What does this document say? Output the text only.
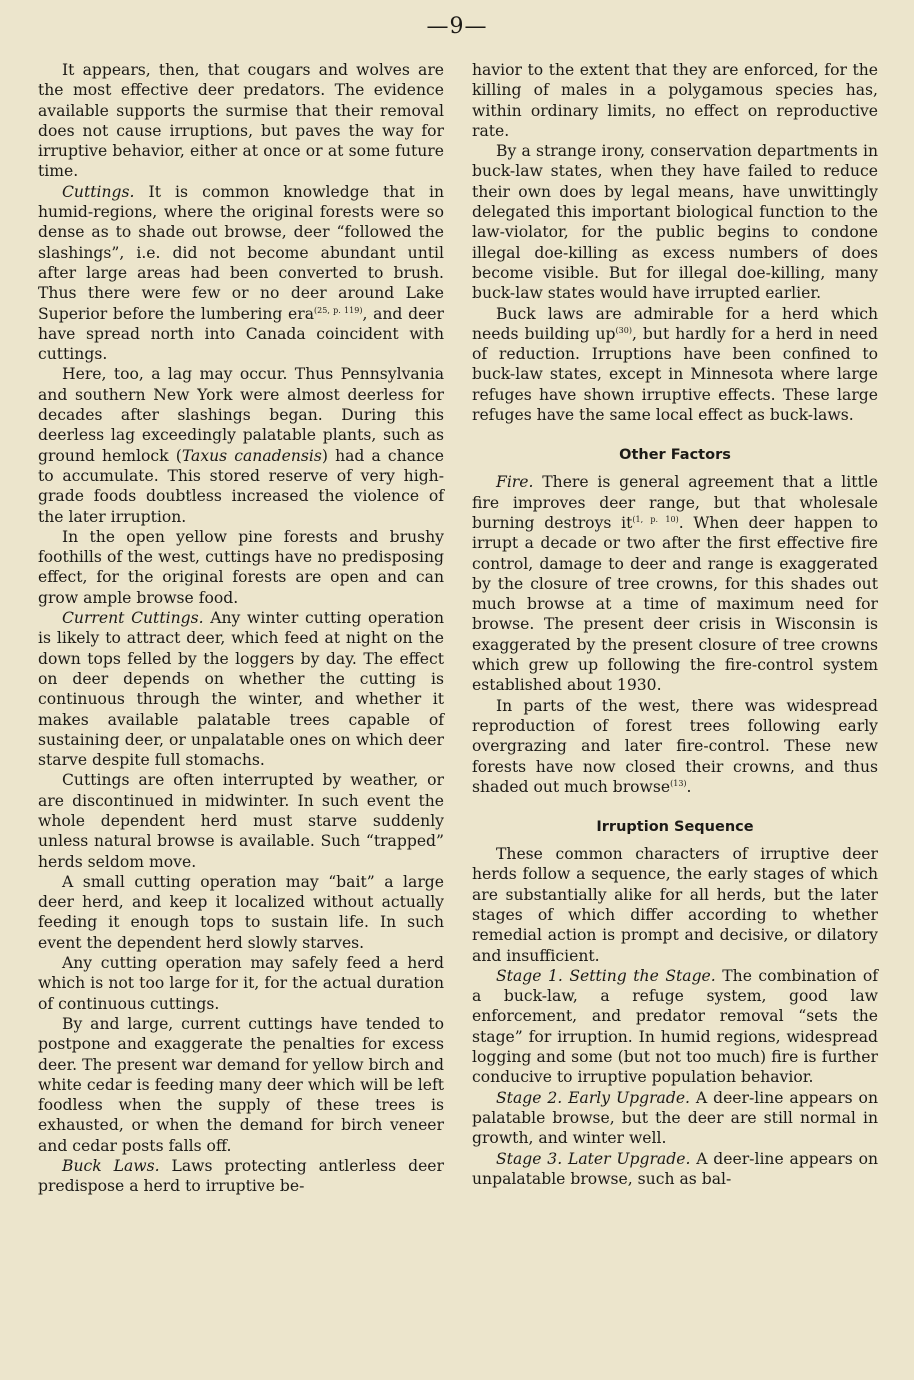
—9—

It appears, then, that cougars and wolves are the most effective deer predators. The evidence available supports the surmise that their removal does not cause irruptions, but paves the way for irruptive behavior, either at once or at some future time.

Cuttings. It is common knowledge that in humid-regions, where the original forests were so dense as to shade out browse, deer “followed the slashings”, i.e. did not become abundant until after large areas had been converted to brush. Thus there were few or no deer around Lake Superior before the lumbering era$^{(25, p. 119)}$, and deer have spread north into Canada coincident with cuttings.

Here, too, a lag may occur. Thus Pennsylvania and southern New York were almost deerless for decades after slashings began. During this deerless lag exceedingly palatable plants, such as ground hemlock (Taxus canadensis) had a chance to accumulate. This stored reserve of very high-grade foods doubtless increased the violence of the later irruption.

In the open yellow pine forests and brushy foothills of the west, cuttings have no predisposing effect, for the original forests are open and can grow ample browse food.

Current Cuttings. Any winter cutting operation is likely to attract deer, which feed at night on the down tops felled by the loggers by day. The effect on deer depends on whether the cutting is continuous through the winter, and whether it makes available palatable trees capable of sustaining deer, or unpalatable ones on which deer starve despite full stomachs.

Cuttings are often interrupted by weather, or are discontinued in midwinter. In such event the whole dependent herd must starve suddenly unless natural browse is available. Such “trapped” herds seldom move.

A small cutting operation may “bait” a large deer herd, and keep it localized without actually feeding it enough tops to sustain life. In such event the dependent herd slowly starves.

Any cutting operation may safely feed a herd which is not too large for it, for the actual duration of continuous cuttings.

By and large, current cuttings have tended to postpone and exaggerate the penalties for excess deer. The present war demand for yellow birch and white cedar is feeding many deer which will be left foodless when the supply of these trees is exhausted, or when the demand for birch veneer and cedar posts falls off.

Buck Laws. Laws protecting antlerless deer predispose a herd to irruptive be-

havior to the extent that they are enforced, for the killing of males in a polygamous species has, within ordinary limits, no effect on reproductive rate.

By a strange irony, conservation departments in buck-law states, when they have failed to reduce their own does by legal means, have unwittingly delegated this important biological function to the law-violator, for the public begins to condone illegal doe-killing as excess numbers of does become visible. But for illegal doe-killing, many buck-law states would have irrupted earlier.

Buck laws are admirable for a herd which needs building $up^{(30)}$, but hardly for a herd in need of reduction. Irruptions have been confined to buck-law states, except in Minnesota where large refuges have shown irruptive effects. These large refuges have the same local effect as buck-laws.

Other Factors

Fire. There is general agreement that a little fire improves deer range, but that wholesale burning destroys $it^{(1, p. 10)}$. When deer happen to irrupt a decade or two after the first effective fire control, damage to deer and range is exaggerated by the closure of tree crowns, for this shades out much browse at a time of maximum need for browse. The present deer crisis in Wisconsin is exaggerated by the present closure of tree crowns which grew up following the fire-control system established about 1930.

In parts of the west, there was widespread reproduction of forest trees following early overgrazing and later fire-control. These new forests have now closed their crowns, and thus shaded out much browse$^{(13)}$.

Irruption Sequence

These common characters of irruptive deer herds follow a sequence, the early stages of which are substantially alike for all herds, but the later stages of which differ according to whether remedial action is prompt and decisive, or dilatory and insufficient.

Stage 1. Setting the Stage. The combination of a buck-law, a refuge system, good law enforcement, and predator removal “sets the stage” for irruption. In humid regions, widespread logging and some (but not too much) fire is further conducive to irruptive population behavior.

Stage 2. Early Upgrade. A deer-line appears on palatable browse, but the deer are still normal in growth, and winter well.

Stage 3. Later Upgrade. A deer-line appears on unpalatable browse, such as bal-
